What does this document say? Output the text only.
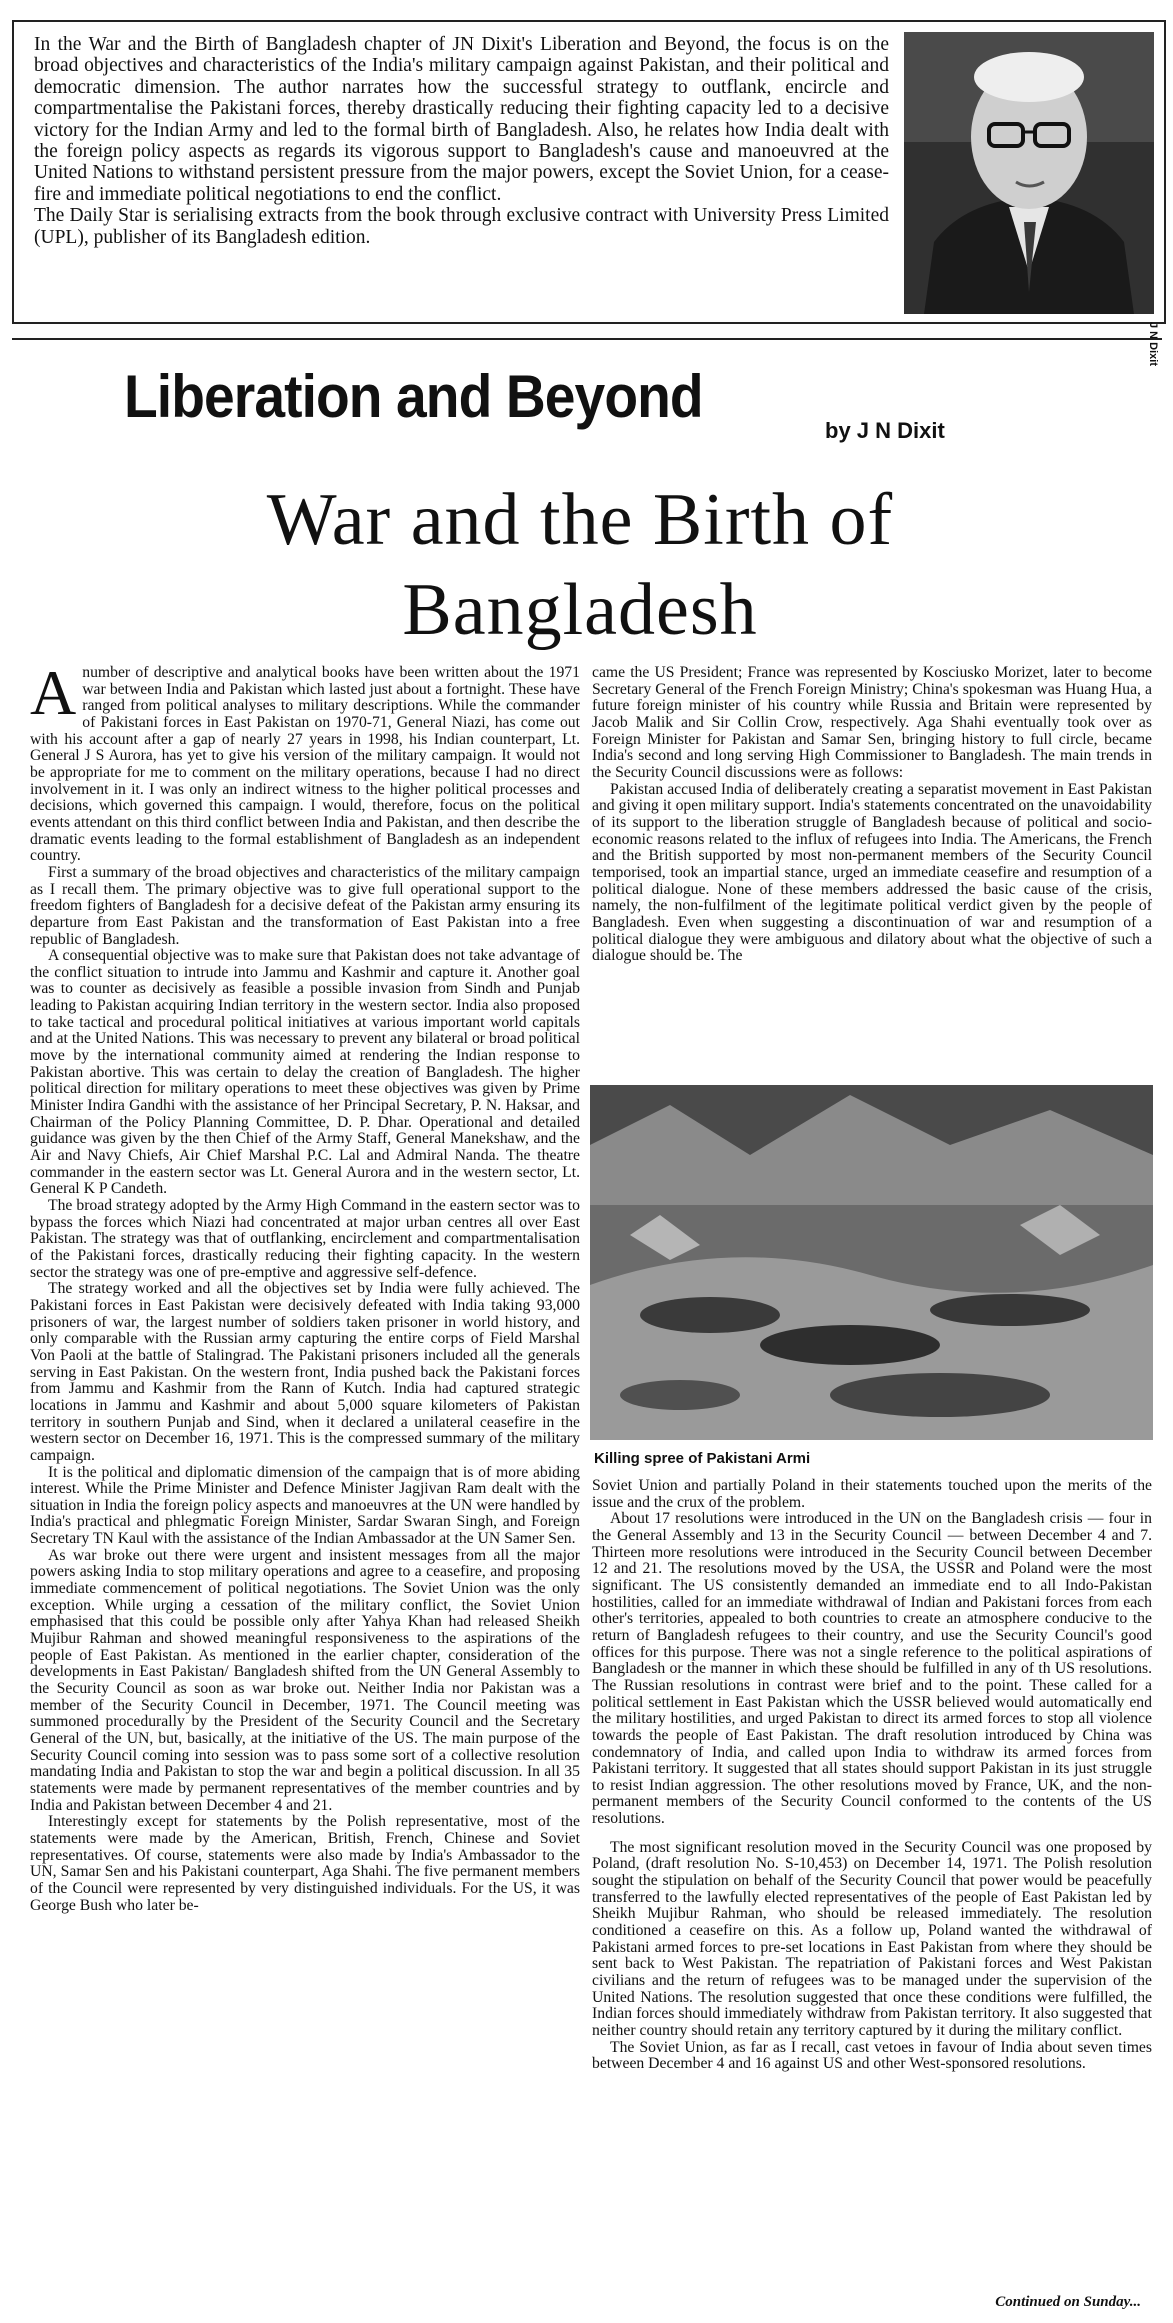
In the War and the Birth of Bangladesh chapter of JN Dixit's Liberation and Beyond, the focus is on the broad objectives and characteristics of the India's military campaign against Pakistan, and their political and democratic dimension. The author narrates how the successful strategy to outflank, encircle and compartmentalise the Pakistani forces, thereby drastically reducing their fighting capacity led to a decisive victory for the Indian Army and led to the formal birth of Bangladesh. Also, he relates how India dealt with the foreign policy aspects as regards its vigorous support to Bangladesh's cause and manoeuvred at the United Nations to withstand persistent pressure from the major powers, except the Soviet Union, for a cease-fire and immediate political negotiations to end the conflict.

The Daily Star is serialising extracts from the book through exclusive contract with University Press Limited (UPL), publisher of its Bangladesh edition.

J N Dixit
Liberation and Beyond
by J N Dixit
War and the Birth of
Bangladesh

Anumber of descriptive and analytical books have been written about the 1971 war between India and Pakistan which lasted just about a fortnight. These have ranged from political analyses to military descriptions. While the commander of Pakistani forces in East Pakistan on 1970-71, General Niazi, has come out with his account after a gap of nearly 27 years in 1998, his Indian counterpart, Lt. General J S Aurora, has yet to give his version of the military campaign. It would not be appropriate for me to comment on the military operations, because I had no direct involvement in it. I was only an indirect witness to the higher political processes and decisions, which governed this campaign. I would, therefore, focus on the political events attendant on this third conflict between India and Pakistan, and then describe the dramatic events leading to the formal establishment of Bangladesh as an independent country.

First a summary of the broad objectives and characteristics of the military campaign as I recall them. The primary objective was to give full operational support to the freedom fighters of Bangladesh for a decisive defeat of the Pakistan army ensuring its departure from East Pakistan and the transformation of East Pakistan into a free republic of Bangladesh.

A consequential objective was to make sure that Pakistan does not take advantage of the conflict situation to intrude into Jammu and Kashmir and capture it. Another goal was to counter as decisively as feasible a possible invasion from Sindh and Punjab leading to Pakistan acquiring Indian territory in the western sector. India also proposed to take tactical and procedural political initiatives at various important world capitals and at the United Nations. This was necessary to prevent any bilateral or broad political move by the international community aimed at rendering the Indian response to Pakistan abortive. This was certain to delay the creation of Bangladesh. The higher political direction for military operations to meet these objectives was given by Prime Minister Indira Gandhi with the assistance of her Principal Secretary, P. N. Haksar, and Chairman of the Policy Planning Committee, D. P. Dhar. Operational and detailed guidance was given by the then Chief of the Army Staff, General Manekshaw, and the Air and Navy Chiefs, Air Chief Marshal P.C. Lal and Admiral Nanda. The theatre commander in the eastern sector was Lt. General Aurora and in the western sector, Lt. General K P Candeth.

The broad strategy adopted by the Army High Command in the eastern sector was to bypass the forces which Niazi had concentrated at major urban centres all over East Pakistan. The strategy was that of outflanking, encirclement and compartmentalisation of the Pakistani forces, drastically reducing their fighting capacity. In the western sector the strategy was one of pre-emptive and aggressive self-defence.

The strategy worked and all the objectives set by India were fully achieved. The Pakistani forces in East Pakistan were decisively defeated with India taking 93,000 prisoners of war, the largest number of soldiers taken prisoner in world history, and only comparable with the Russian army capturing the entire corps of Field Marshal Von Paoli at the battle of Stalingrad. The Pakistani prisoners included all the generals serving in East Pakistan. On the western front, India pushed back the Pakistani forces from Jammu and Kashmir from the Rann of Kutch. India had captured strategic locations in Jammu and Kashmir and about 5,000 square kilometers of Pakistan territory in southern Punjab and Sind, when it declared a unilateral ceasefire in the western sector on December 16, 1971. This is the compressed summary of the military campaign.

It is the political and diplomatic dimension of the campaign that is of more abiding interest. While the Prime Minister and Defence Minister Jagjivan Ram dealt with the situation in India the foreign policy aspects and manoeuvres at the UN were handled by India's practical and phlegmatic Foreign Minister, Sardar Swaran Singh, and Foreign Secretary TN Kaul with the assistance of the Indian Ambassador at the UN Samer Sen.

As war broke out there were urgent and insistent messages from all the major powers asking India to stop military operations and agree to a ceasefire, and proposing immediate commencement of political negotiations. The Soviet Union was the only exception. While urging a cessation of the military conflict, the Soviet Union emphasised that this could be possible only after Yahya Khan had released Sheikh Mujibur Rahman and showed meaningful responsiveness to the aspirations of the people of East Pakistan. As mentioned in the earlier chapter, consideration of the developments in East Pakistan/ Bangladesh shifted from the UN General Assembly to the Security Council as soon as war broke out. Neither India nor Pakistan was a member of the Security Council in December, 1971. The Council meeting was summoned procedurally by the President of the Security Council and the Secretary General of the UN, but, basically, at the initiative of the US. The main purpose of the Security Council coming into session was to pass some sort of a collective resolution mandating India and Pakistan to stop the war and begin a political discussion. In all 35 statements were made by permanent representatives of the member countries and by India and Pakistan between December 4 and 21.

Interestingly except for statements by the Polish representative, most of the statements were made by the American, British, French, Chinese and Soviet representatives. Of course, statements were also made by India's Ambassador to the UN, Samar Sen and his Pakistani counterpart, Aga Shahi. The five permanent members of the Council were represented by very distinguished individuals. For the US, it was George Bush who later be-

came the US President; France was represented by Kosciusko Morizet, later to become Secretary General of the French Foreign Ministry; China's spokesman was Huang Hua, a future foreign minister of his country while Russia and Britain were represented by Jacob Malik and Sir Collin Crow, respectively. Aga Shahi eventually took over as Foreign Minister for Pakistan and Samar Sen, bringing history to full circle, became India's second and long serving High Commissioner to Bangladesh. The main trends in the Security Council discussions were as follows:

Pakistan accused India of deliberately creating a separatist movement in East Pakistan and giving it open military support. India's statements concentrated on the unavoidability of its support to the liberation struggle of Bangladesh because of political and socio-economic reasons related to the influx of refugees into India. The Americans, the French and the British supported by most non-permanent members of the Security Council temporised, took an impartial stance, urged an immediate ceasefire and resumption of a political dialogue. None of these members addressed the basic cause of the crisis, namely, the non-fulfilment of the legitimate political verdict given by the people of Bangladesh. Even when suggesting a discontinuation of war and resumption of a political dialogue they were ambiguous and dilatory about what the objective of such a dialogue should be. The

Killing spree of Pakistani Armi

Soviet Union and partially Poland in their statements touched upon the merits of the issue and the crux of the problem.

About 17 resolutions were introduced in the UN on the Bangladesh crisis — four in the General Assembly and 13 in the Security Council — between December 4 and 7. Thirteen more resolutions were introduced in the Security Council between December 12 and 21. The resolutions moved by the USA, the USSR and Poland were the most significant. The US consistently demanded an immediate end to all Indo-Pakistan hostilities, called for an immediate withdrawal of Indian and Pakistani forces from each other's territories, appealed to both countries to create an atmosphere conducive to the return of Bangladesh refugees to their country, and use the Security Council's good offices for this purpose. There was not a single reference to the political aspirations of Bangladesh or the manner in which these should be fulfilled in any of th US resolutions. The Russian resolutions in contrast were brief and to the point. These called for a political settlement in East Pakistan which the USSR believed would automatically end the military hostilities, and urged Pakistan to direct its armed forces to stop all violence towards the people of East Pakistan. The draft resolution introduced by China was condemnatory of India, and called upon India to withdraw its armed forces from Pakistani territory. It suggested that all states should support Pakistan in its just struggle to resist Indian aggression. The other resolutions moved by France, UK, and the non-permanent members of the Security Council conformed to the contents of the US resolutions.

The most significant resolution moved in the Security Council was one proposed by Poland, (draft resolution No. S-10,453) on December 14, 1971. The Polish resolution sought the stipulation on behalf of the Security Council that power would be peacefully transferred to the lawfully elected representatives of the people of East Pakistan led by Sheikh Mujibur Rahman, who should be released immediately. The resolution conditioned a ceasefire on this. As a follow up, Poland wanted the withdrawal of Pakistani armed forces to pre-set locations in East Pakistan from where they should be sent back to West Pakistan. The repatriation of Pakistani forces and West Pakistan civilians and the return of refugees was to be managed under the supervision of the United Nations. The resolution suggested that once these conditions were fulfilled, the Indian forces should immediately withdraw from Pakistan territory. It also suggested that neither country should retain any territory captured by it during the military conflict.

The Soviet Union, as far as I recall, cast vetoes in favour of India about seven times between December 4 and 16 against US and other West-sponsored resolutions.

Continued on Sunday...
